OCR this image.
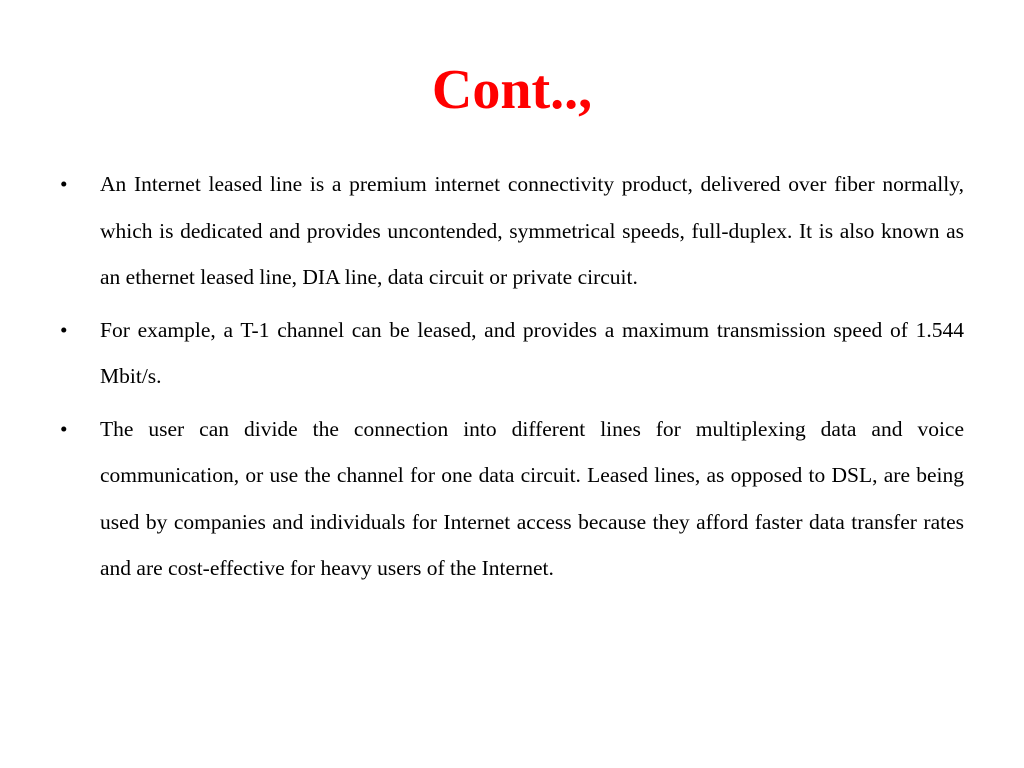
Cont..,
•	An Internet leased line is a premium internet connectivity product, delivered over fiber normally, which is dedicated and provides uncontended, symmetrical speeds, full-duplex. It is also known as an ethernet leased line, DIA line, data circuit or private circuit.
•	For example, a T-1 channel can be leased, and provides a maximum transmission speed of 1.544 Mbit/s.
•	The user can divide the connection into different lines for multiplexing data and voice communication, or use the channel for one data circuit. Leased lines, as opposed to DSL, are being used by companies and individuals for Internet access because they afford faster data transfer rates and are cost-effective for heavy users of the Internet.
